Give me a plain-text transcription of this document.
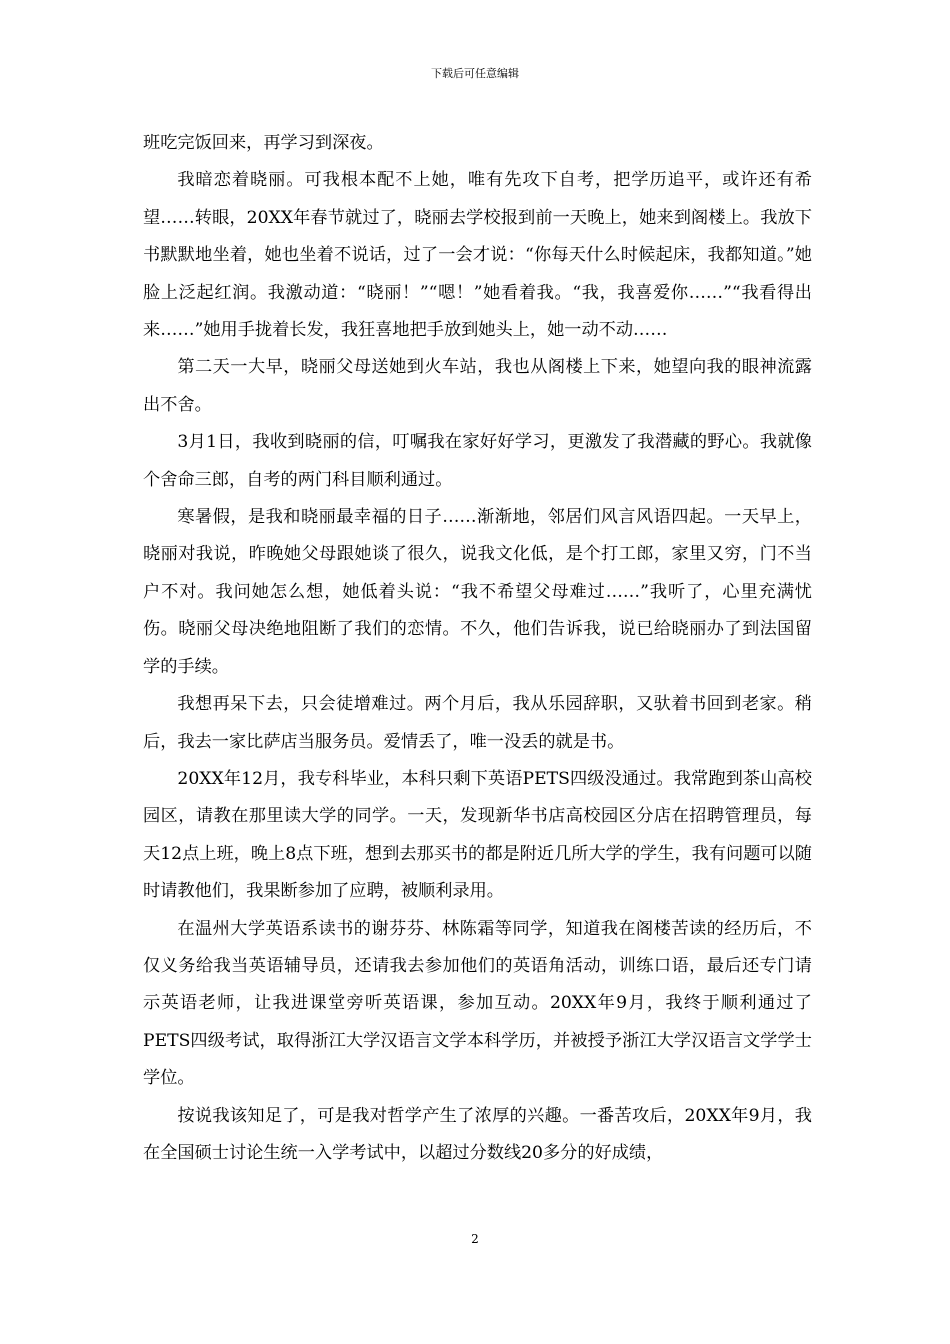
下载后可任意编辑

班吃完饭回来，再学习到深夜。

我暗恋着晓丽。可我根本配不上她，唯有先攻下自考，把学历追平，或许还有希望……转眼，20XX年春节就过了，晓丽去学校报到前一天晚上，她来到阁楼上。我放下书默默地坐着，她也坐着不说话，过了一会才说：“你每天什么时候起床，我都知道。”她脸上泛起红润。我激动道：“晓丽！”“嗯！”她看着我。“我，我喜爱你……”“我看得出来……”她用手拢着长发，我狂喜地把手放到她头上，她一动不动……

第二天一大早，晓丽父母送她到火车站，我也从阁楼上下来，她望向我的眼神流露出不舍。

3月1日，我收到晓丽的信，叮嘱我在家好好学习，更激发了我潜藏的野心。我就像个舍命三郎，自考的两门科目顺利通过。

寒暑假，是我和晓丽最幸福的日子……渐渐地，邻居们风言风语四起。一天早上，晓丽对我说，昨晚她父母跟她谈了很久，说我文化低，是个打工郎，家里又穷，门不当户不对。我问她怎么想，她低着头说：“我不希望父母难过……”我听了，心里充满忧伤。晓丽父母决绝地阻断了我们的恋情。不久，他们告诉我，说已给晓丽办了到法国留学的手续。

我想再呆下去，只会徒增难过。两个月后，我从乐园辞职，又驮着书回到老家。稍后，我去一家比萨店当服务员。爱情丢了，唯一没丢的就是书。

20XX年12月，我专科毕业，本科只剩下英语PETS四级没通过。我常跑到茶山高校园区，请教在那里读大学的同学。一天，发现新华书店高校园区分店在招聘管理员，每天12点上班，晚上8点下班，想到去那买书的都是附近几所大学的学生，我有问题可以随时请教他们，我果断参加了应聘，被顺利录用。

在温州大学英语系读书的谢芬芬、林陈霜等同学，知道我在阁楼苦读的经历后，不仅义务给我当英语辅导员，还请我去参加他们的英语角活动，训练口语，最后还专门请示英语老师，让我进课堂旁听英语课，参加互动。20XX年9月，我终于顺利通过了PETS四级考试，取得浙江大学汉语言文学本科学历，并被授予浙江大学汉语言文学学士学位。

按说我该知足了，可是我对哲学产生了浓厚的兴趣。一番苦攻后，20XX年9月，我在全国硕士讨论生统一入学考试中，以超过分数线20多分的好成绩，

2
